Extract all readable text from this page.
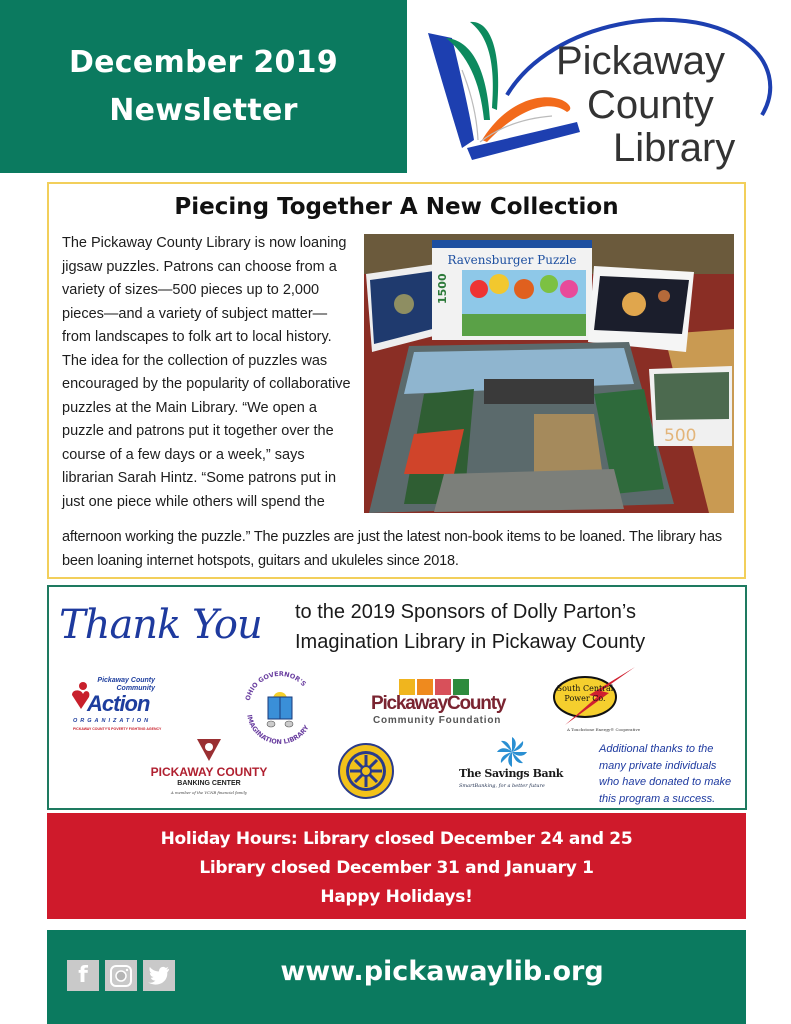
December 2019
Newsletter
Pickaway
County
Library
Piecing Together A New Collection
The Pickaway County Library is now loaning jigsaw puzzles. Patrons can choose from a variety of sizes—500 pieces up to 2,000 pieces—and a variety of subject matter—from landscapes to folk art to local history. The idea for the collection of puzzles was encouraged by the popularity of collaborative puzzles at the Main Library. “We open a puzzle and patrons put it together over the course of a few days or a week,” says librarian Sarah Hintz. “Some patrons put in just one piece while others will spend the
Ravensburger Puzzle
1500
500
afternoon working the puzzle.” The puzzles are just the latest non-book items to be loaned. The library has been loaning internet hotspots, guitars and ukuleles since 2018.
Thank You	to the 2019 Sponsors of Dolly Parton’s
Imagination Library in Pickaway County
Pickaway County
Community
Action
ORGANIZATION
PICKAWAY COUNTY'S POVERTY FIGHTING AGENCY
OHIO GOVERNOR'S
IMAGINATION LIBRARY
PickawayCounty
Community Foundation
South Central
Power Co.
A Touchstone Energy® Cooperative
PICKAWAY COUNTY
BANKING CENTER
A member of the VCNB financial family
The Savings Bank
SmartBanking, for a better future
Additional thanks to the many private individuals who have donated to make this program a success.
Holiday Hours: Library closed December 24 and 25
Library closed December 31 and January 1
Happy Holidays!
f	www.pickawaylib.org
